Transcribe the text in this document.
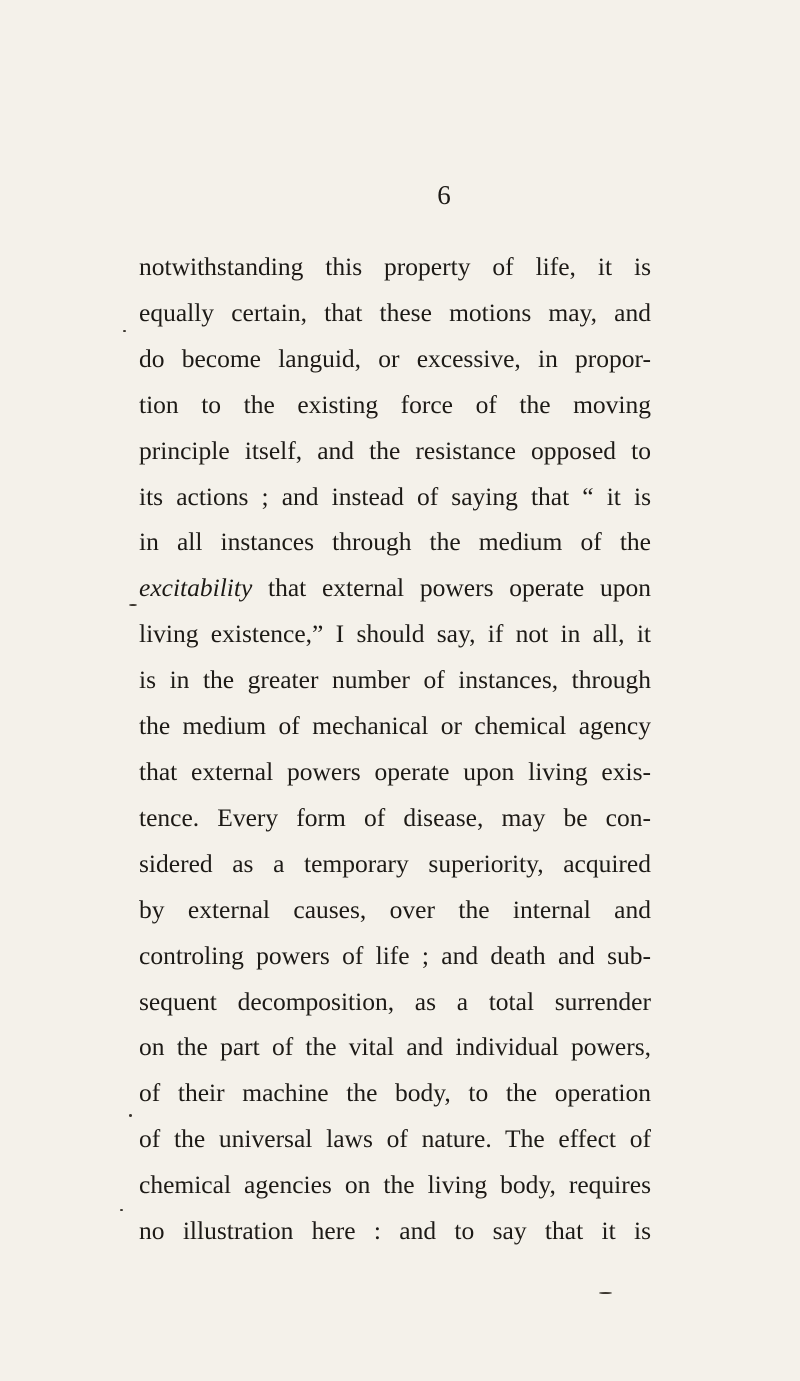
6
notwithstanding this property of life, it is
equally certain, that these motions may, and
do become languid, or excessive, in propor-
tion to the existing force of the moving
principle itself, and the resistance opposed to
its actions ; and instead of saying that “ it is
in all instances through the medium of the
excitability that external powers operate upon
living existence,” I should say, if not in all, it
is in the greater number of instances, through
the medium of mechanical or chemical agency
that external powers operate upon living exis-
tence. Every form of disease, may be con-
sidered as a temporary superiority, acquired
by external causes, over the internal and
controling powers of life ; and death and sub-
sequent decomposition, as a total surrender
on the part of the vital and individual powers,
of their machine the body, to the operation
of the universal laws of nature. The effect of
chemical agencies on the living body, requires
no illustration here : and to say that it is
